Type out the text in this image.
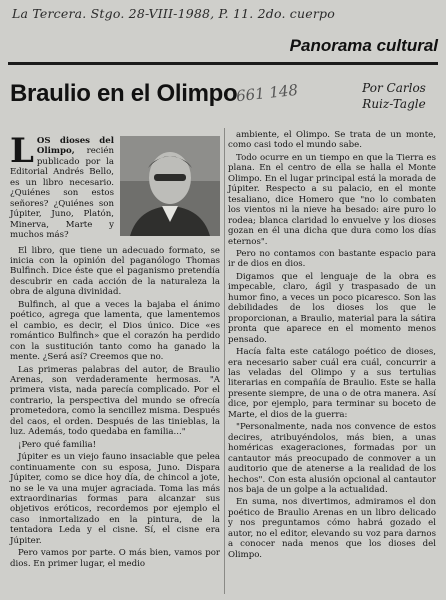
La Tercera. Stgo. 28-VIII-1988, P. 11. 2do. cuerpo
Panorama cultural
Braulio en el Olimpo
661 148	Por Carlos
Ruiz-Tagle

LOS dioses del Olimpo, recién publicado por la Editorial Andrés Bello, es un libro necesario. ¿Quiénes son estos señores? ¿Quiénes son Júpiter, Juno, Platón, Minerva, Marte y muchos más?

El libro, que tiene un adecuado formato, se inicia con la opinión del paganólogo Thomas Bulfinch. Dice éste que el paganismo pretendía descubrir en cada acción de la naturaleza la obra de alguna divinidad.

Bulfinch, al que a veces la bajaba el ánimo poético, agrega que lamenta, que lamentemos el cambio, es decir, el Dios único. Dice «es romántico Bulfinch» que el corazón ha perdido con la sustitución tanto como ha ganado la mente. ¿Será así? Creemos que no.

Las primeras palabras del autor, de Braulio Arenas, son verdaderamente hermosas. "A primera vista, nada parecía complicado. Por el contrario, la perspectiva del mundo se ofrecía prometedora, como la sencillez misma. Después del caos, el orden. Después de las tinieblas, la luz. Además, todo quedaba en familia..."

¡Pero qué familia!

Júpiter es un viejo fauno insaciable que pelea continuamente con su esposa, Juno. Dispara Júpiter, como se dice hoy día, de chincol a jote, no se le va una mujer agraciada. Toma las más extraordinarias formas para alcanzar sus objetivos eróticos, recordemos por ejemplo el caso inmortalizado en la pintura, de la tentadora Leda y el cisne. Sí, el cisne era Júpiter.

Pero vamos por parte. O más bien, vamos por dios. En primer lugar, el medio

ambiente, el Olimpo. Se trata de un monte, como casi todo el mundo sabe.

Todo ocurre en un tiempo en que la Tierra es plana. En el centro de ella se halla el Monte Olimpo. En el lugar principal está la morada de Júpiter. Respecto a su palacio, en el monte tesaliano, dice Homero que "no lo combaten los vientos ni la nieve ha besado: aire puro lo rodea; blanca claridad lo envuelve y los dioses gozan en él una dicha que dura como los días eternos".

Pero no contamos con bastante espacio para ir de dios en dios.

Digamos que el lenguaje de la obra es impecable, claro, ágil y traspasado de un humor fino, a veces un poco picaresco. Son las debilidades de los dioses los que le proporcionan, a Braulio, material para la sátira pronta que aparece en el momento menos pensado.

Hacía falta este catálogo poético de dioses, era necesario saber cuál era cuál, concurrir a las veladas del Olimpo y a sus tertulias literarias en compañía de Braulio. Este se halla presente siempre, de una o de otra manera. Así dice, por ejemplo, para terminar su boceto de Marte, el dios de la guerra:

"Personalmente, nada nos convence de estos decires, atribuyéndolos, más bien, a unas homéricas exageraciones, formadas por un cantautor más preocupado de conmover a un auditorio que de atenerse a la realidad de los hechos". Con esta alusión opcional al cantautor nos baja de un golpe a la actualidad.

En suma, nos divertimos, admiramos el don poético de Braulio Arenas en un libro delicado y nos preguntamos cómo habrá gozado el autor, no el editor, elevando su voz para darnos a conocer nada menos que los dioses del Olimpo.
